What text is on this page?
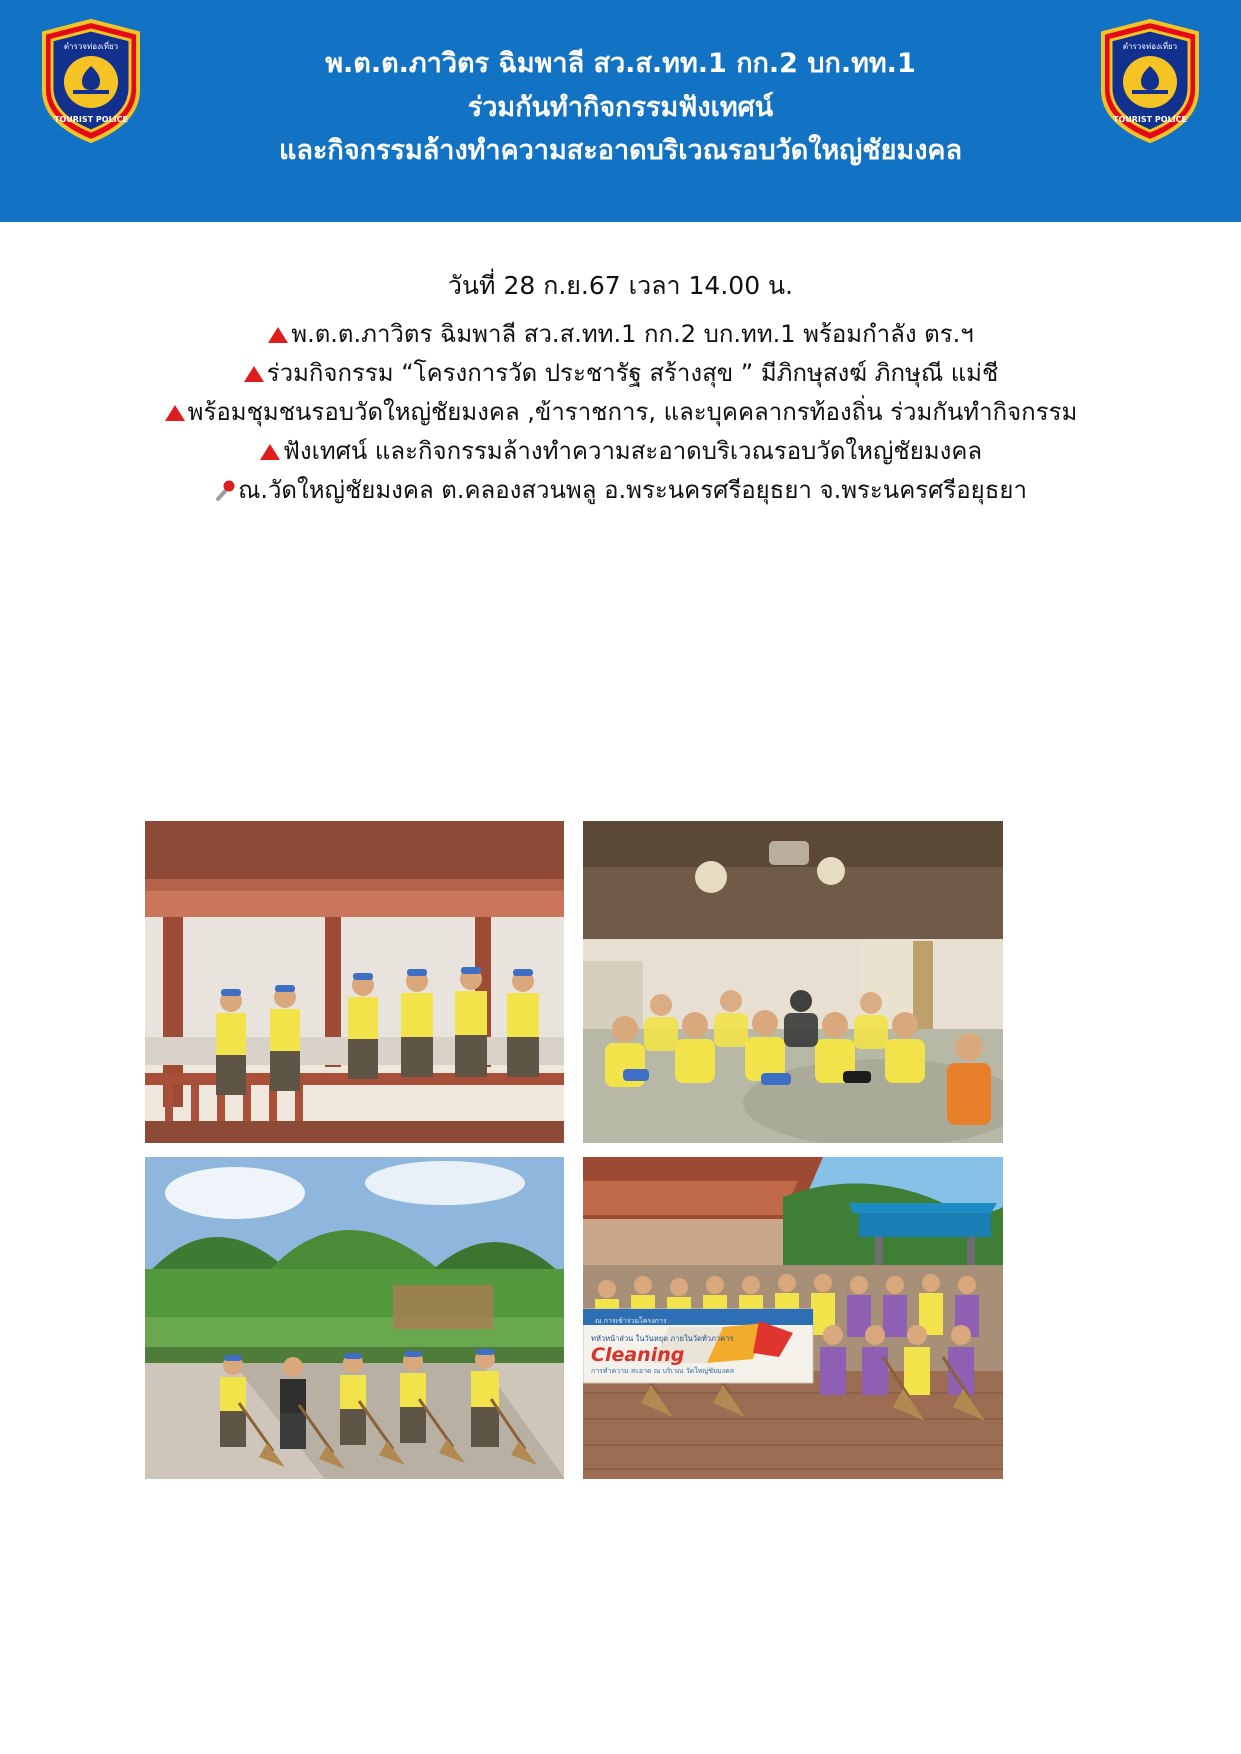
ตำรวจท่องเที่ยว
TOURIST POLICE
พ.ต.ต.ภาวิตร ฉิมพาลี สว.ส.ทท.1 กก.2 บก.ทท.1
ร่วมกันทำกิจกรรมฟังเทศน์
และกิจกรรมล้างทำความสะอาดบริเวณรอบวัดใหญ่ชัยมงคล
ตำรวจท่องเที่ยว
TOURIST POLICE
วันที่ 28 ก.ย.67 เวลา 14.00 น.
พ.ต.ต.ภาวิตร ฉิมพาลี สว.ส.ทท.1 กก.2 บก.ทท.1 พร้อมกำลัง ตร.ฯ
ร่วมกิจกรรม “โครงการวัด ประชารัฐ สร้างสุข ” มีภิกษุสงฆ์ ภิกษุณี แม่ชี
พร้อมชุมชนรอบวัดใหญ่ชัยมงคล ,ข้าราชการ, และบุคคลากรท้องถิ่น ร่วมกันทำกิจกรรม
ฟังเทศน์ และกิจกรรมล้างทำความสะอาดบริเวณรอบวัดใหญ่ชัยมงคล
ณ.วัดใหญ่ชัยมงคล ต.คลองสวนพลู อ.พระนครศรีอยุธยา จ.พระนครศรีอยุธยา
ณ การเข้าร่วมโครงการ
ทหัวหน้าส่วน ในวันหยุด ภายในวัดทั่วภาคาร
Cleaning
การทำความ สะอาด ณ บริเวณ วัดใหญ่ชัยมงคล
